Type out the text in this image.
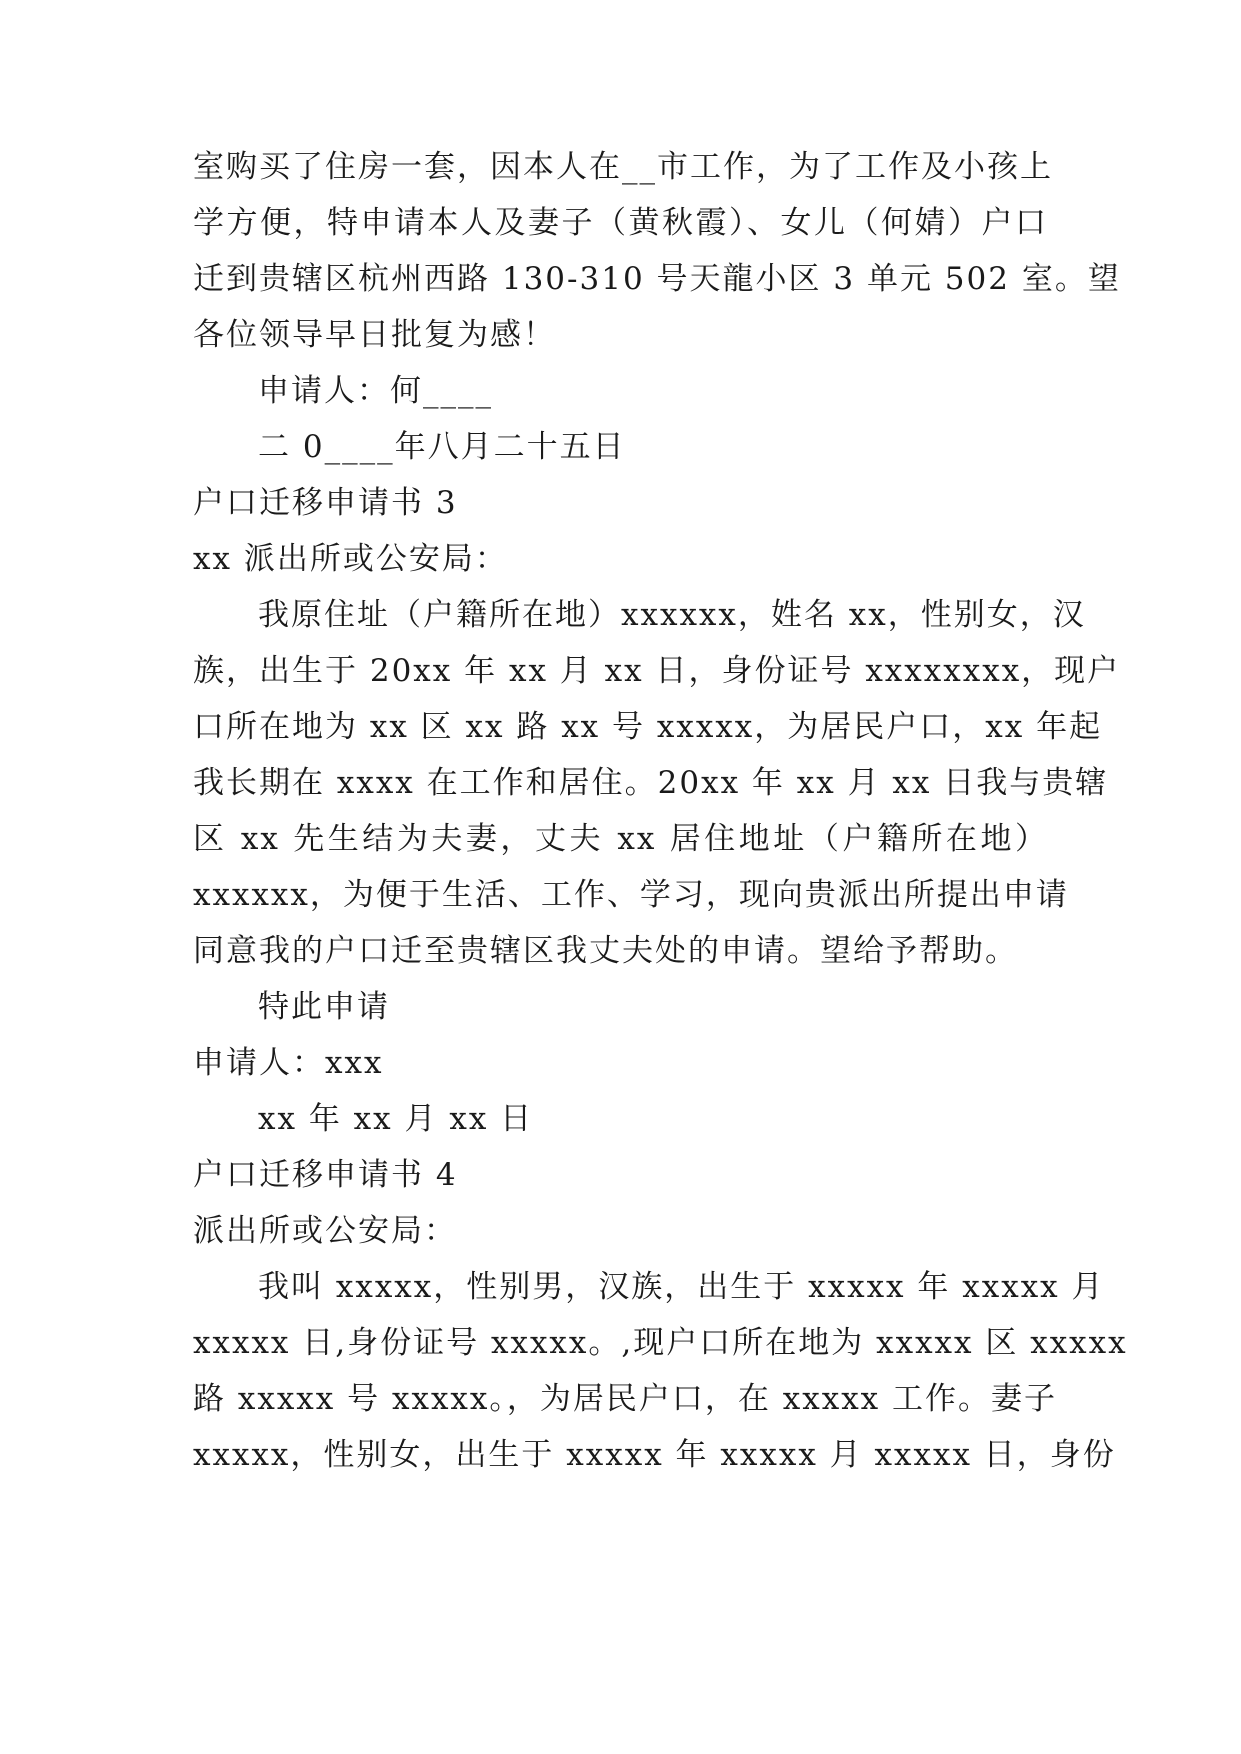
室购买了住房一套，因本人在__市工作，为了工作及小孩上
学方便，特申请本人及妻子（黄秋霞）、女儿（何婧）户口
迁到贵辖区杭州西路 130-310 号天龍小区 3 单元 502 室。望
各位领导早日批复为感！
申请人：何____
二 0____年八月二十五日
户口迁移申请书 3
xx 派出所或公安局：
我原住址（户籍所在地）xxxxxx，姓名 xx，性别女，汉
族，出生于 20xx 年 xx 月 xx 日，身份证号 xxxxxxxx，现户
口所在地为 xx 区 xx 路 xx 号 xxxxx，为居民户口，xx 年起
我长期在 xxxx 在工作和居住。20xx 年 xx 月 xx 日我与贵辖
区 xx 先生结为夫妻，丈夫 xx 居住地址（户籍所在地）
xxxxxx，为便于生活、工作、学习，现向贵派出所提出申请
同意我的户口迁至贵辖区我丈夫处的申请。望给予帮助。
特此申请
申请人：xxx
xx 年 xx 月 xx 日
户口迁移申请书 4
派出所或公安局：
我叫 xxxxx，性别男，汉族，出生于 xxxxx 年 xxxxx 月
xxxxx 日,身份证号 xxxxx。,现户口所在地为 xxxxx 区 xxxxx
路 xxxxx 号 xxxxx。，为居民户口，在 xxxxx 工作。妻子
xxxxx，性别女，出生于 xxxxx 年 xxxxx 月 xxxxx 日，身份
